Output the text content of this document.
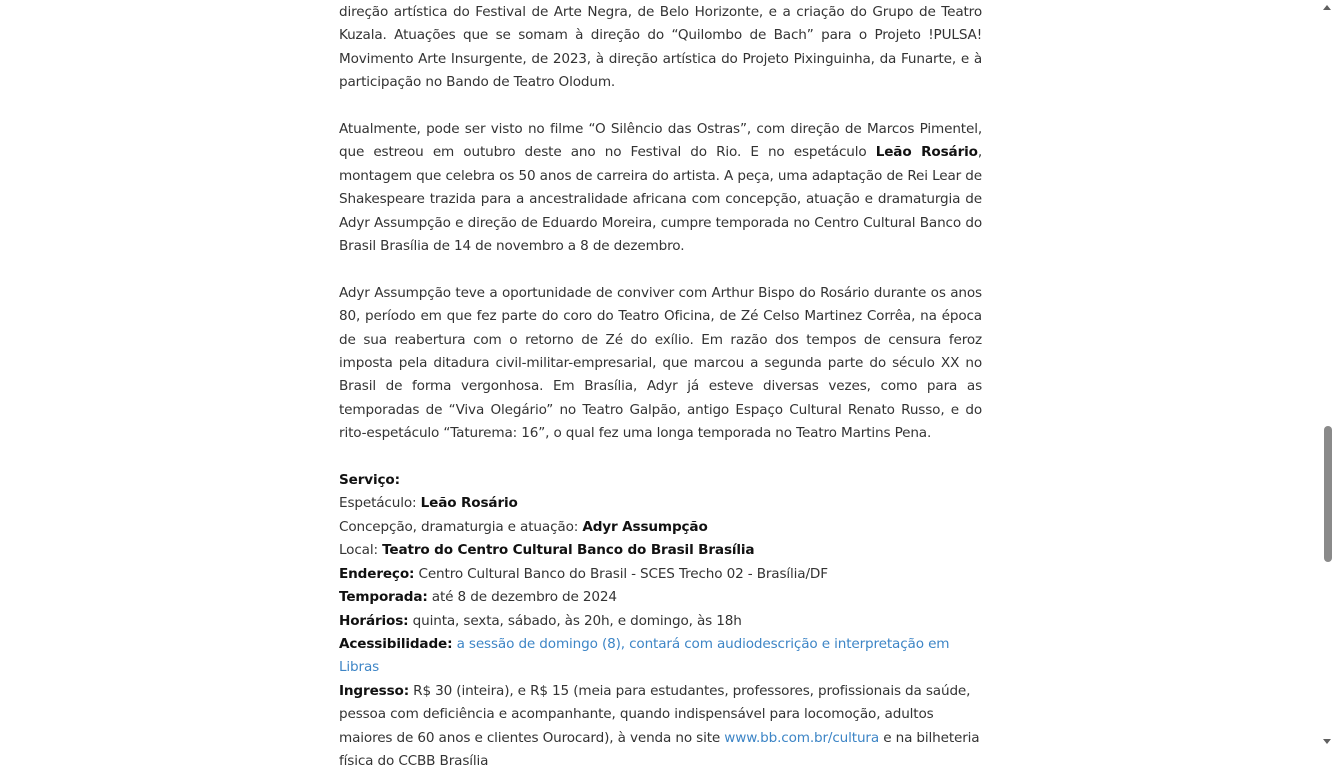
direção artística do Festival de Arte Negra, de Belo Horizonte, e a criação do Grupo de Teatro Kuzala. Atuações que se somam à direção do “Quilombo de Bach” para o Projeto !PULSA! Movimento Arte Insurgente, de 2023, à direção artística do Projeto Pixinguinha, da Funarte, e à participação no Bando de Teatro Olodum.

Atualmente, pode ser visto no filme “O Silêncio das Ostras”, com direção de Marcos Pimentel, que estreou em outubro deste ano no Festival do Rio. E no espetáculo Leão Rosário, montagem que celebra os 50 anos de carreira do artista. A peça, uma adaptação de Rei Lear de Shakespeare trazida para a ancestralidade africana com concepção, atuação e dramaturgia de Adyr Assumpção e direção de Eduardo Moreira, cumpre temporada no Centro Cultural Banco do Brasil Brasília de 14 de novembro a 8 de dezembro.

Adyr Assumpção teve a oportunidade de conviver com Arthur Bispo do Rosário durante os anos 80, período em que fez parte do coro do Teatro Oficina, de Zé Celso Martinez Corrêa, na época de sua reabertura com o retorno de Zé do exílio. Em razão dos tempos de censura feroz imposta pela ditadura civil-militar-empresarial, que marcou a segunda parte do século XX no Brasil de forma vergonhosa. Em Brasília, Adyr já esteve diversas vezes, como para as temporadas de “Viva Olegário” no Teatro Galpão, antigo Espaço Cultural Renato Russo, e do rito-espetáculo “Taturema: 16”, o qual fez uma longa temporada no Teatro Martins Pena.

Serviço:
Espetáculo: Leão Rosário
Concepção, dramaturgia e atuação: Adyr Assumpção
Local: Teatro do Centro Cultural Banco do Brasil Brasília
Endereço: Centro Cultural Banco do Brasil - SCES Trecho 02 - Brasília/DF
Temporada: até 8 de dezembro de 2024
Horários: quinta, sexta, sábado, às 20h, e domingo, às 18h
Acessibilidade: a sessão de domingo (8), contará com audiodescrição e interpretação em Libras
Ingresso: R$ 30 (inteira), e R$ 15 (meia para estudantes, professores, profissionais da saúde, pessoa com deficiência e acompanhante, quando indispensável para locomoção, adultos maiores de 60 anos e clientes Ourocard), à venda no site www.bb.com.br/cultura e na bilheteria física do CCBB Brasília
